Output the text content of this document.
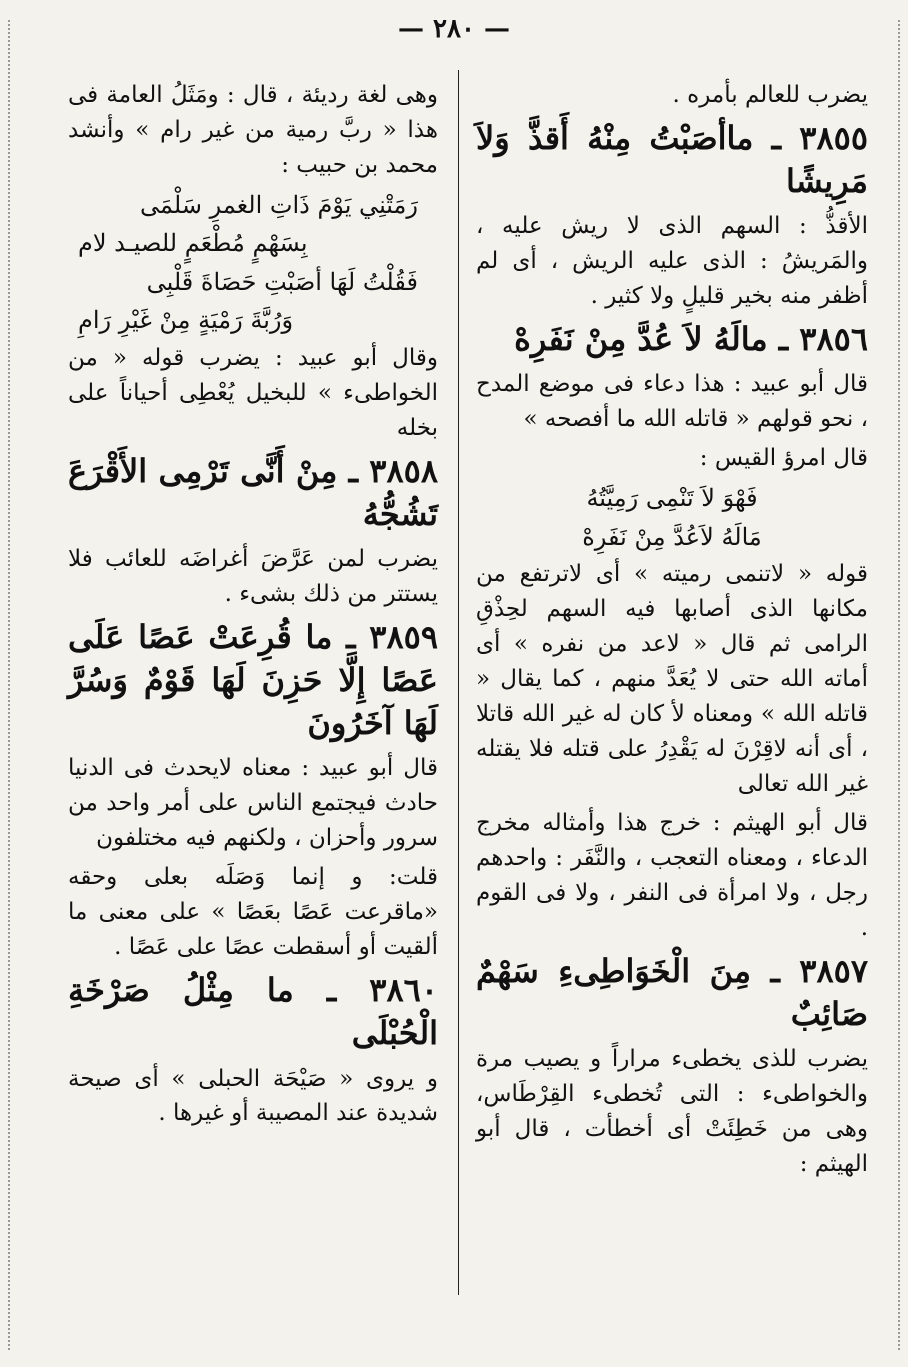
— ٢٨٠ —

يضرب للعالم بأمره .

٣٨٥٥ ـ ماأصَبْتُ مِنْهُ أَقذَّ وَلاَ مَرِيشًا

الأقذُّ : السهم الذى لا ريش عليه ، والمَريشُ : الذى عليه الريش ، أى لم أظفر منه بخير قليلٍ ولا كثير .

٣٨٥٦ ـ مالَهُ لاَ عُدَّ مِنْ نَفَرِهْ

قال أبو عبيد : هذا دعاء فى موضع المدح ، نحو قولهم « قاتله الله ما أفصحه »

قال امرؤ القيس :

فَهْوَ لاَ تَنْمِى رَمِيَّتُهُ
مَالَهُ لاَعُدَّ مِنْ نَفَرِهْ

قوله « لاتنمى رميته » أى لاترتفع من مكانها الذى أصابها فيه السهم لحِذْقِ الرامى ثم قال « لاعد من نفره » أى أماته الله حتى لا يُعَدَّ منهم ، كما يقال « قاتله الله » ومعناه لأ كان له غير الله قاتلا ، أى أنه لاقِرْنَ له يَقْدِرُ على قتله فلا يقتله غير الله تعالى

قال أبو الهيثم : خرج هذا وأمثاله مخرج الدعاء ، ومعناه التعجب ، والنَّفَر : واحدهم رجل ، ولا امرأة فى النفر ، ولا فى القوم .

٣٨٥٧ ـ مِنَ الْخَوَاطِىءِ سَهْمٌ صَائِبٌ

يضرب للذى يخطىء مراراً و يصيب مرة والخواطىء : التى تُخطىء القِرْطَاس، وهى من خَطِئَتْ أى أخطأت ، قال أبو الهيثم :

وهى لغة رديئة ، قال : ومَثَلُ العامة فى هذا « ربَّ رمية من غير رام » وأنشد محمد بن حبيب :

رَمَتْنِي يَوْمَ ذَاتِ الغمرِ سَلْمَى
بِسَهْمٍ مُطْعَمٍ للصيـد لام
فَقُلْتُ لَهَا أصَبْتِ حَصَاةَ قَلْبِى
وَرُبَّةَ رَمْيَةٍ مِنْ غَيْرِ رَامِ

وقال أبو عبيد : يضرب قوله « من الخواطىء » للبخيل يُعْطِى أحياناً على بخله

٣٨٥٨ ـ مِنْ أَنَّى تَرْمِى الأَقْرَعَ تَشُجُّهُ

يضرب لمن عَرَّضَ أغراضَه للعائب فلا يستتر من ذلك بشىء .

٣٨٥٩ ـ ما قُرِعَتْ عَصًا عَلَى عَصًا إِلَّا حَزِنَ لَهَا قَوْمٌ وَسُرَّ لَهَا آخَرُونَ

قال أبو عبيد : معناه لايحدث فى الدنيا حادث فيجتمع الناس على أمر واحد من سرور وأحزان ، ولكنهم فيه مختلفون

قلت: و إنما وَصَلَه بعلى وحقه «ماقرعت عَصًا بعَصًا » على معنى ما ألقيت أو أسقطت عصًا على عَصًا .

٣٨٦٠ ـ ما مِثْلُ صَرْخَةِ الْحُبْلَى

و يروى « صَيْحَة الحبلى » أى صيحة شديدة عند المصيبة أو غيرها .
